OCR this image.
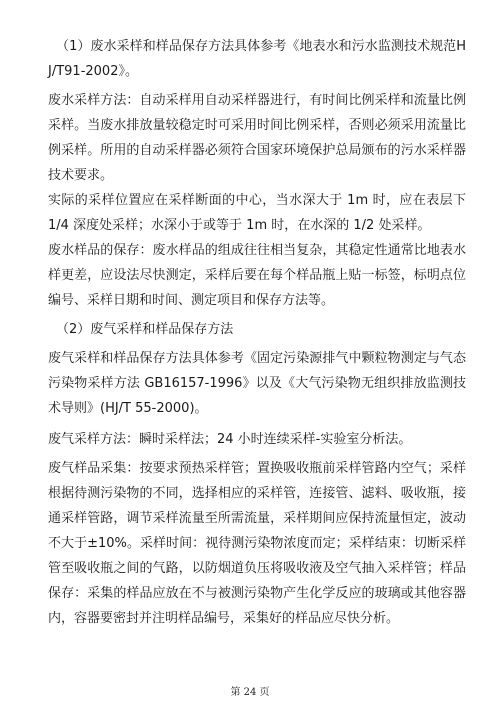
（1）废水采样和样品保存方法具体参考《地表水和污水监测技术规范HJ/T91-2002》。

废水采样方法：自动采样用自动采样器进行，有时间比例采样和流量比例采样。当废水排放量较稳定时可采用时间比例采样，否则必须采用流量比例采样。所用的自动采样器必须符合国家环境保护总局颁布的污水采样器技术要求。

实际的采样位置应在采样断面的中心，当水深大于 1m 时，应在表层下 1/4 深度处采样；水深小于或等于 1m 时，在水深的 1/2 处采样。

废水样品的保存：废水样品的组成往往相当复杂，其稳定性通常比地表水样更差，应设法尽快测定，采样后要在每个样品瓶上贴一标签，标明点位编号、采样日期和时间、测定项目和保存方法等。

（2）废气采样和样品保存方法

废气采样和样品保存方法具体参考《固定污染源排气中颗粒物测定与气态污染物采样方法 GB16157-1996》以及《大气污染物无组织排放监测技术导则》(HJ/T 55-2000)。

废气采样方法：瞬时采样法；24 小时连续采样-实验室分析法。

废气样品采集：按要求预热采样管；置换吸收瓶前采样管路内空气；采样根据待测污染物的不同，选择相应的采样管，连接管、滤料、吸收瓶，接通采样管路，调节采样流量至所需流量，采样期间应保持流量恒定，波动不大于±10%。采样时间：视待测污染物浓度而定；采样结束：切断采样管至吸收瓶之间的气路，以防烟道负压将吸收液及空气抽入采样管；样品保存：采集的样品应放在不与被测污染物产生化学反应的玻璃或其他容器内，容器要密封并注明样品编号，采集好的样品应尽快分析。

第 24 页
